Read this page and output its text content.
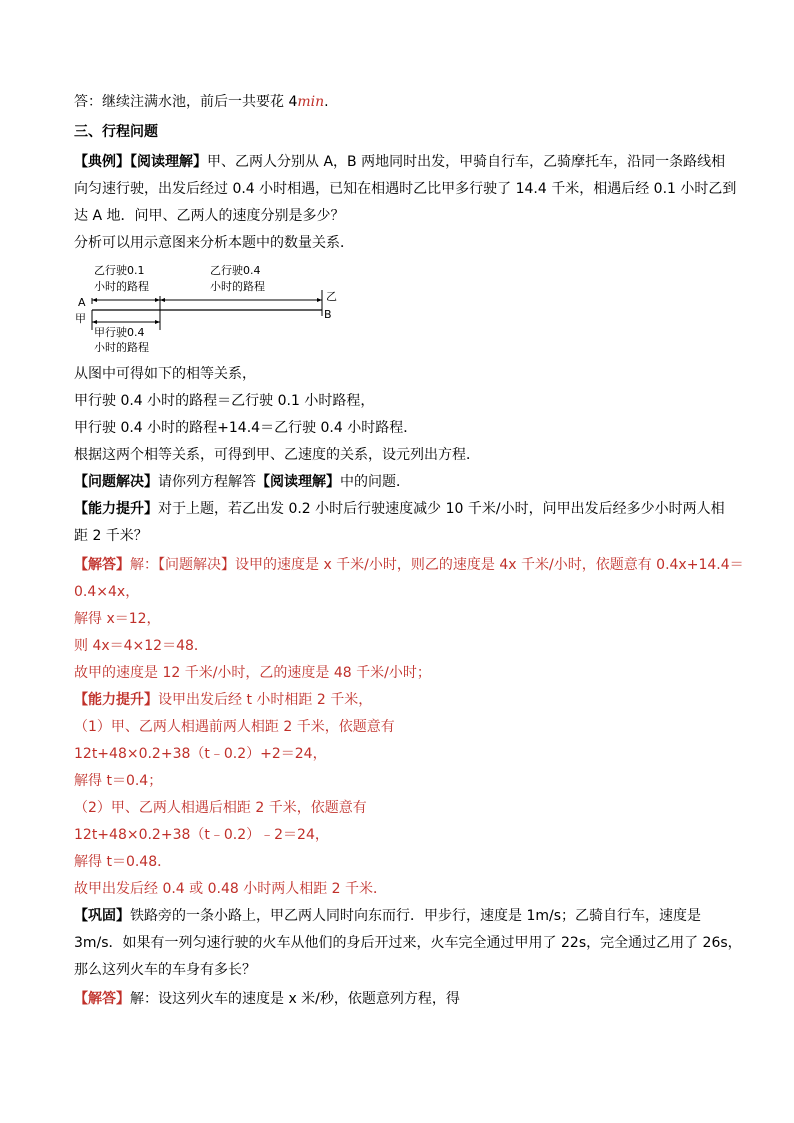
答：继续注满水池，前后一共要花 4min.
三、行程问题
【典例】【阅读理解】甲、乙两人分别从 A，B 两地同时出发，甲骑自行车，乙骑摩托车，沿同一条路线相
向匀速行驶，出发后经过 0.4 小时相遇，已知在相遇时乙比甲多行驶了 14.4 千米，相遇后经 0.1 小时乙到
达 A 地．问甲、乙两人的速度分别是多少？
分析可以用示意图来分析本题中的数量关系．
乙行驶0.1
小时的路程
乙行驶0.4
小时的路程
A
甲
乙
B
甲行驶0.4
小时的路程
从图中可得如下的相等关系，
甲行驶 0.4 小时的路程＝乙行驶 0.1 小时路程，
甲行驶 0.4 小时的路程+14.4＝乙行驶 0.4 小时路程．
根据这两个相等关系，可得到甲、乙速度的关系，设元列出方程．
【问题解决】请你列方程解答【阅读理解】中的问题．
【能力提升】对于上题，若乙出发 0.2 小时后行驶速度减少 10 千米/小时，问甲出发后经多少小时两人相
距 2 千米？
【解答】解：【问题解决】设甲的速度是 x 千米/小时，则乙的速度是 4x 千米/小时，依题意有 0.4x+14.4＝
0.4×4x，
解得 x＝12，
则 4x＝4×12＝48．
故甲的速度是 12 千米/小时，乙的速度是 48 千米/小时；
【能力提升】设甲出发后经 t 小时相距 2 千米，
（1）甲、乙两人相遇前两人相距 2 千米，依题意有
12t+48×0.2+38（t﹣0.2）+2＝24，
解得 t＝0.4；
（2）甲、乙两人相遇后相距 2 千米，依题意有
12t+48×0.2+38（t﹣0.2）﹣2＝24，
解得 t＝0.48．
故甲出发后经 0.4 或 0.48 小时两人相距 2 千米．
【巩固】铁路旁的一条小路上，甲乙两人同时向东而行．甲步行，速度是 1m/s；乙骑自行车，速度是
3m/s．如果有一列匀速行驶的火车从他们的身后开过来，火车完全通过甲用了 22s，完全通过乙用了 26s，
那么这列火车的车身有多长？
【解答】解：设这列火车的速度是 x 米/秒，依题意列方程，得
